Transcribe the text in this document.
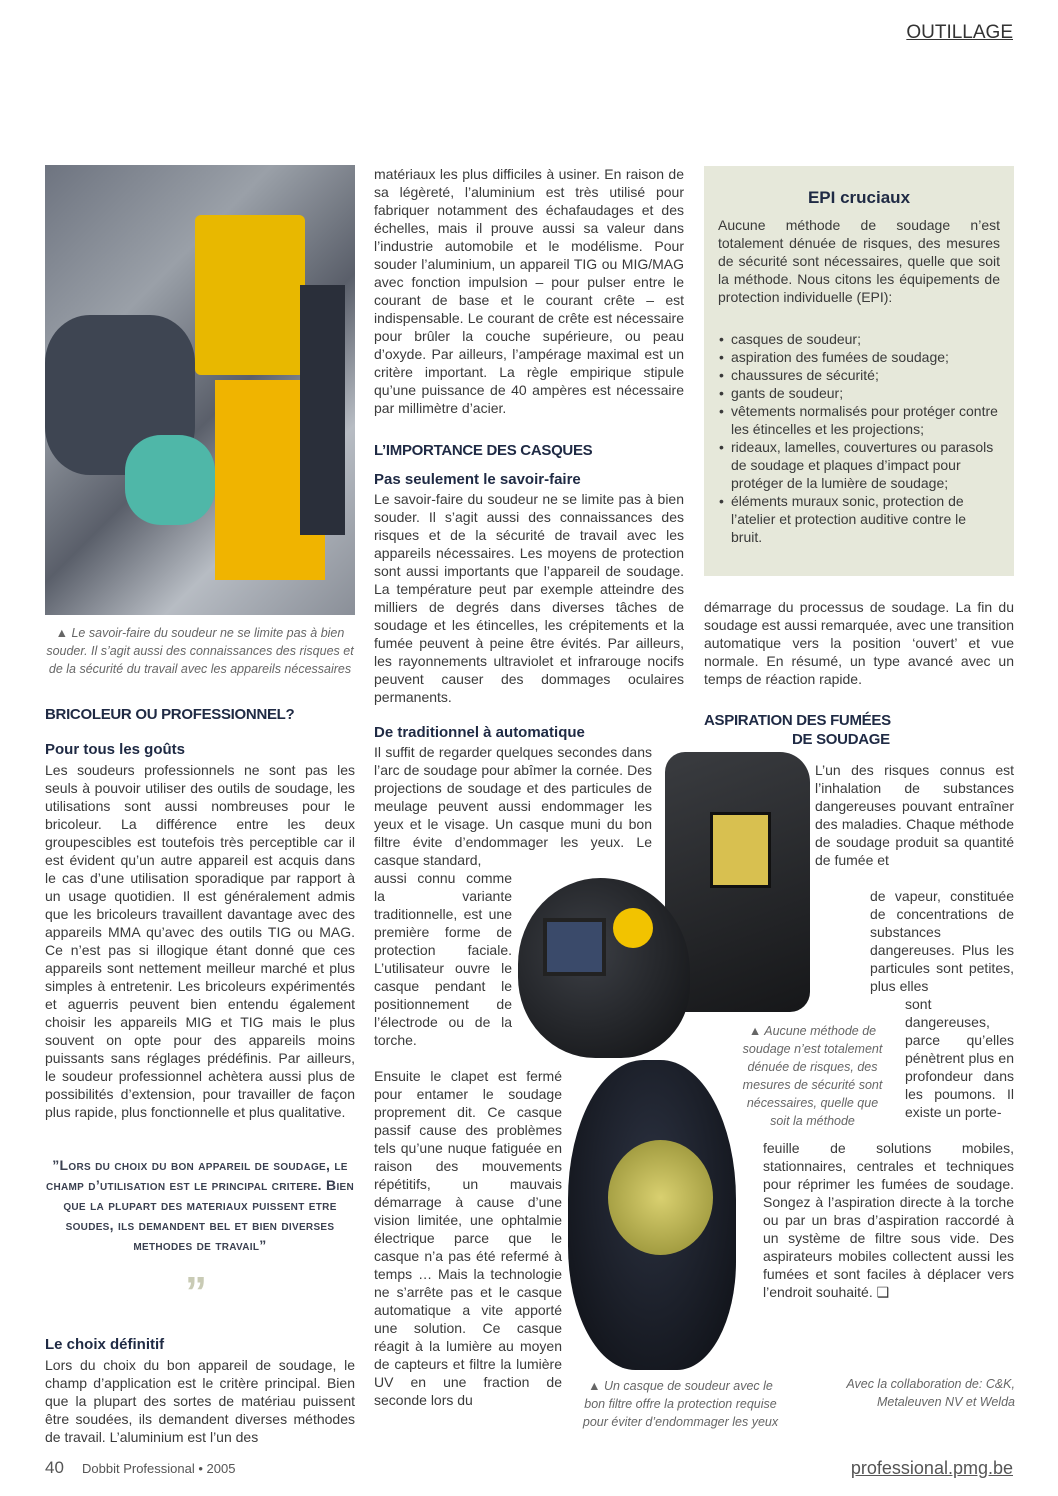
OUTILLAGE

▲ Le savoir-faire du soudeur ne se limite pas à bien souder. Il s’agit aussi des connaissances des risques et de la sécurité du travail avec les appareils nécessaires

BRICOLEUR OU PROFESSIONNEL?

Pour tous les goûts

Les soudeurs professionnels ne sont pas les seuls à pouvoir utiliser des outils de soudage, les utilisations sont aussi nombreuses pour le bricoleur. La différence entre les deux groupescibles est toutefois très perceptible car il est évident qu’un autre appareil est acquis dans le cas d’une utilisation sporadique par rapport à un usage quotidien. Il est généralement admis que les bricoleurs travaillent davantage avec des appareils MMA qu’avec des outils TIG ou MAG. Ce n’est pas si illogique étant donné que ces appareils sont nettement meilleur marché et plus simples à entretenir. Les bricoleurs expérimentés et aguerris peuvent bien entendu également choisir les appareils MIG et TIG mais le plus souvent on opte pour des appareils moins puissants sans réglages prédéfinis. Par ailleurs, le soudeur professionnel achètera aussi plus de possibilités d’extension, pour travailler de façon plus rapide, plus fonctionnelle et plus qualitative.

”Lors du choix du bon appareil de soudage, le champ d’utilisation est le principal critere. Bien que la plupart des materiaux puissent etre soudes, ils demandent bel et bien diverses methodes de travail”
”

Le choix définitif

Lors du choix du bon appareil de soudage, le champ d’application est le critère principal. Bien que la plupart des sortes de matériau puissent être soudées, ils demandent diverses méthodes de travail. L’aluminium est l’un des

matériaux les plus difficiles à usiner. En raison de sa légèreté, l’aluminium est très utilisé pour fabriquer notamment des échafaudages et des échelles, mais il prouve aussi sa valeur dans l’industrie automobile et le modélisme. Pour souder l’aluminium, un appareil TIG ou MIG/MAG avec fonction impulsion – pour pulser entre le courant de base et le courant crête – est indispensable. Le courant de crête est nécessaire pour brûler la couche supérieure, ou peau d’oxyde. Par ailleurs, l’ampérage maximal est un critère important. La règle empirique stipule qu’une puissance de 40 ampères est nécessaire par millimètre d’acier.

L’IMPORTANCE DES CASQUES

Pas seulement le savoir-faire

Le savoir-faire du soudeur ne se limite pas à bien souder. Il s’agit aussi des connaissances des risques et de la sécurité de travail avec les appareils nécessaires. Les moyens de protection sont aussi importants que l’appareil de soudage. La température peut par exemple atteindre des milliers de degrés dans diverses tâches de soudage et les étincelles, les crépitements et la fumée peuvent à peine être évités. Par ailleurs, les rayonnements ultraviolet et infrarouge nocifs peuvent causer des dommages oculaires permanents.

De traditionnel à automatique

Il suffit de regarder quelques secondes dans l’arc de soudage pour abîmer la cornée. Des projections de soudage et des particules de meulage peuvent aussi endommager les yeux et le visage. Un casque muni du bon filtre évite d’endommager les yeux. Le casque standard,

aussi connu comme la variante traditionnelle, est une première forme de protection faciale. L’utilisateur ouvre le casque pendant le positionnement de l’électrode ou de la torche.

Ensuite le clapet est fermé pour entamer le soudage proprement dit. Ce casque passif cause des problèmes tels qu’une nuque fatiguée en raison des mouvements répétitifs, un mauvais démarrage à cause d’une vision limitée, une ophtalmie électrique parce que le casque n’a pas été refermé à temps … Mais la technologie ne s’arrête pas et le casque automatique a vite apporté une solution. Ce casque réagit à la lumière au moyen de capteurs et filtre la lumière UV en une fraction de seconde lors du

▲ Un casque de soudeur avec le bon filtre offre la protection requise pour éviter d’endommager les yeux

EPI cruciaux

Aucune méthode de soudage n’est totalement dénuée de risques, des mesures de sécurité sont nécessaires, quelle que soit la méthode. Nous citons les équipements de protection individuelle (EPI):

• casques de soudeur;
• aspiration des fumées de soudage;
• chaussures de sécurité;
• gants de soudeur;
• vêtements normalisés pour protéger contre les étincelles et les projections;
• rideaux, lamelles, couvertures ou parasols de soudage et plaques d’impact pour protéger de la lumière de soudage;
• éléments muraux sonic, protection de l’atelier et protection auditive contre le bruit.

démarrage du processus de soudage. La fin du soudage est aussi remarquée, avec une transition automatique vers la position ‘ouvert’ et vue normale. En résumé, un type avancé avec un temps de réaction rapide.

ASPIRATION DES FUMÉES

DE SOUDAGE

L’un des risques connus est l’inhalation de substances dangereuses pouvant entraîner des maladies. Chaque méthode de soudage produit sa quantité de fumée et

de vapeur, constituée de concentrations de substances dangereuses. Plus les particules sont petites, plus elles

sont dangereuses, parce qu’elles pénètrent plus en profondeur dans les poumons. Il existe un porte-

feuille de solutions mobiles, stationnaires, centrales et techniques pour réprimer les fumées de soudage. Songez à l’aspiration directe à la torche ou par un bras d’aspiration raccordé à un système de filtre sous vide. Des aspirateurs mobiles collectent aussi les fumées et sont faciles à déplacer vers l’endroit souhaité. ❑

▲ Aucune méthode de soudage n’est totalement dénuée de risques, des mesures de sécurité sont nécessaires, quelle que soit la méthode

Avec la collaboration de: C&K, Metaleuven NV et Welda

40 Dobbit Professional • 2005	professional.pmg.be
